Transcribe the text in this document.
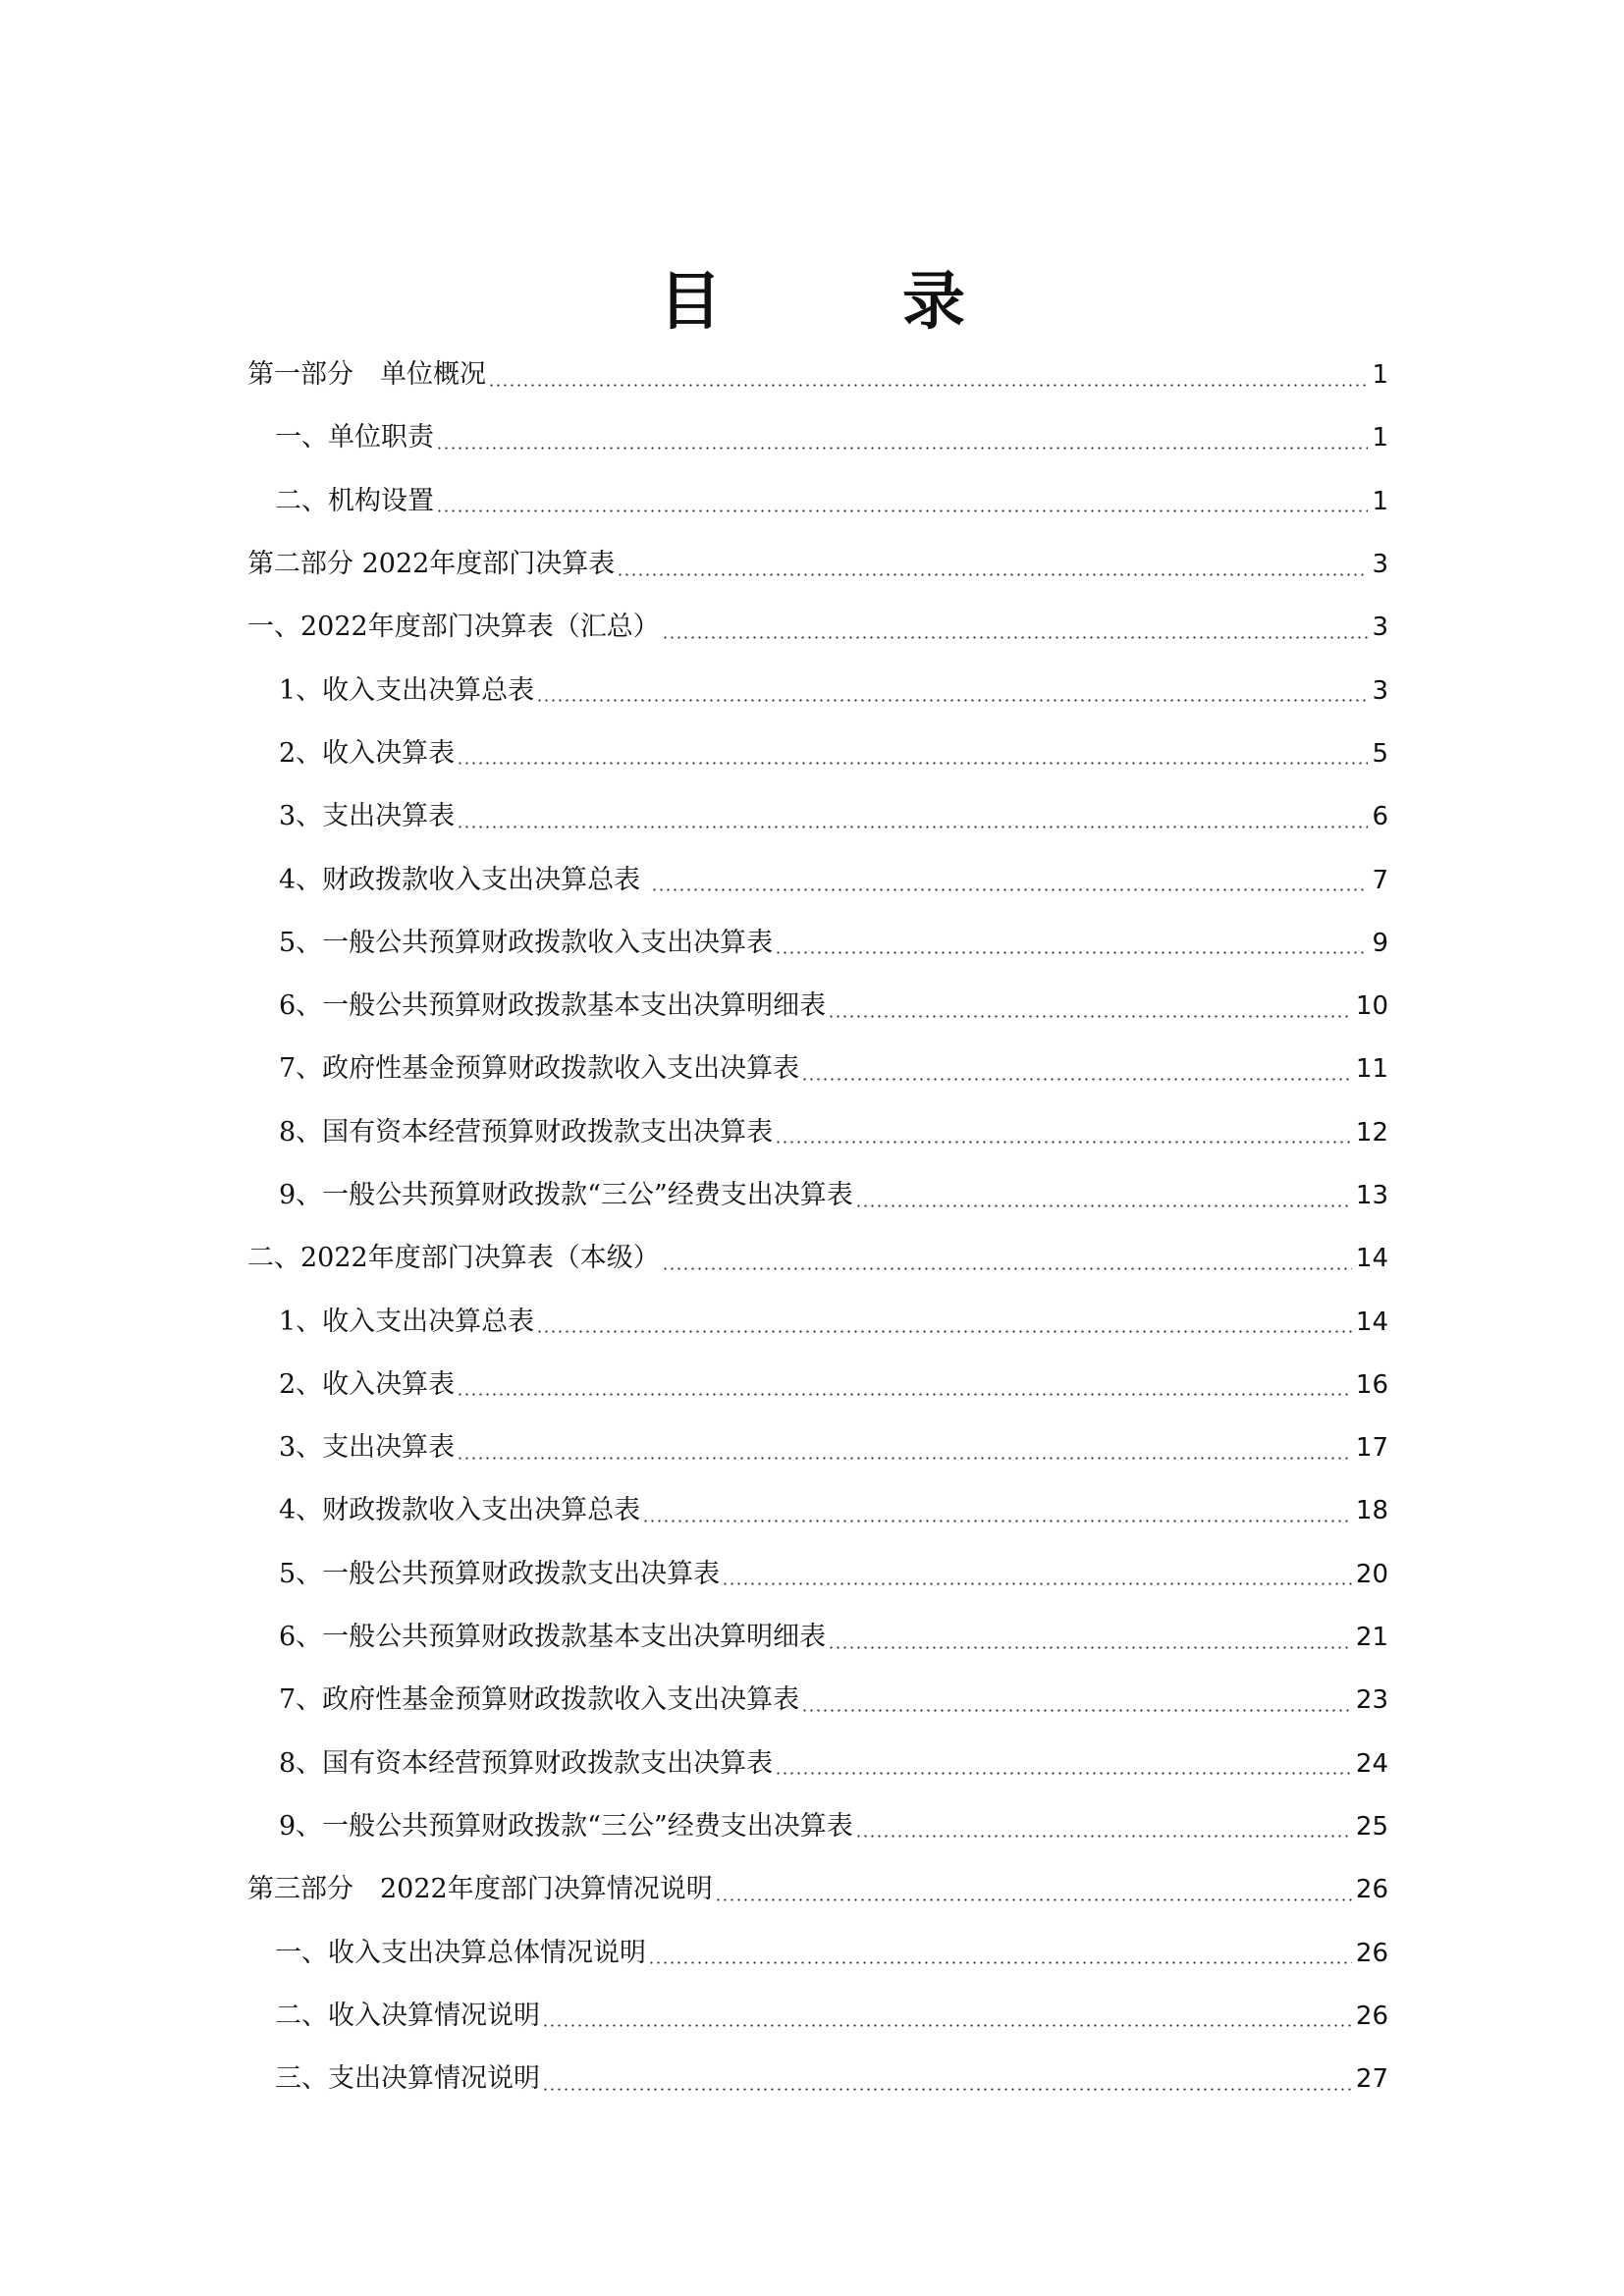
目　录
第一部分　单位概况	1
一、单位职责	1
二、机构设置	1
第二部分 2022年度部门决算表	3
一、2022年度部门决算表（汇总）	3
1、收入支出决算总表	3
2、收入决算表	5
3、支出决算表	6
4、财政拨款收入支出决算总表	7
5、一般公共预算财政拨款收入支出决算表	9
6、一般公共预算财政拨款基本支出决算明细表	10
7、政府性基金预算财政拨款收入支出决算表	11
8、国有资本经营预算财政拨款支出决算表	12
9、一般公共预算财政拨款“三公”经费支出决算表	13
二、2022年度部门决算表（本级）	14
1、收入支出决算总表	14
2、收入决算表	16
3、支出决算表	17
4、财政拨款收入支出决算总表	18
5、一般公共预算财政拨款支出决算表	20
6、一般公共预算财政拨款基本支出决算明细表	21
7、政府性基金预算财政拨款收入支出决算表	23
8、国有资本经营预算财政拨款支出决算表	24
9、一般公共预算财政拨款“三公”经费支出决算表	25
第三部分　2022年度部门决算情况说明	26
一、收入支出决算总体情况说明	26
二、收入决算情况说明	26
三、支出决算情况说明	27
